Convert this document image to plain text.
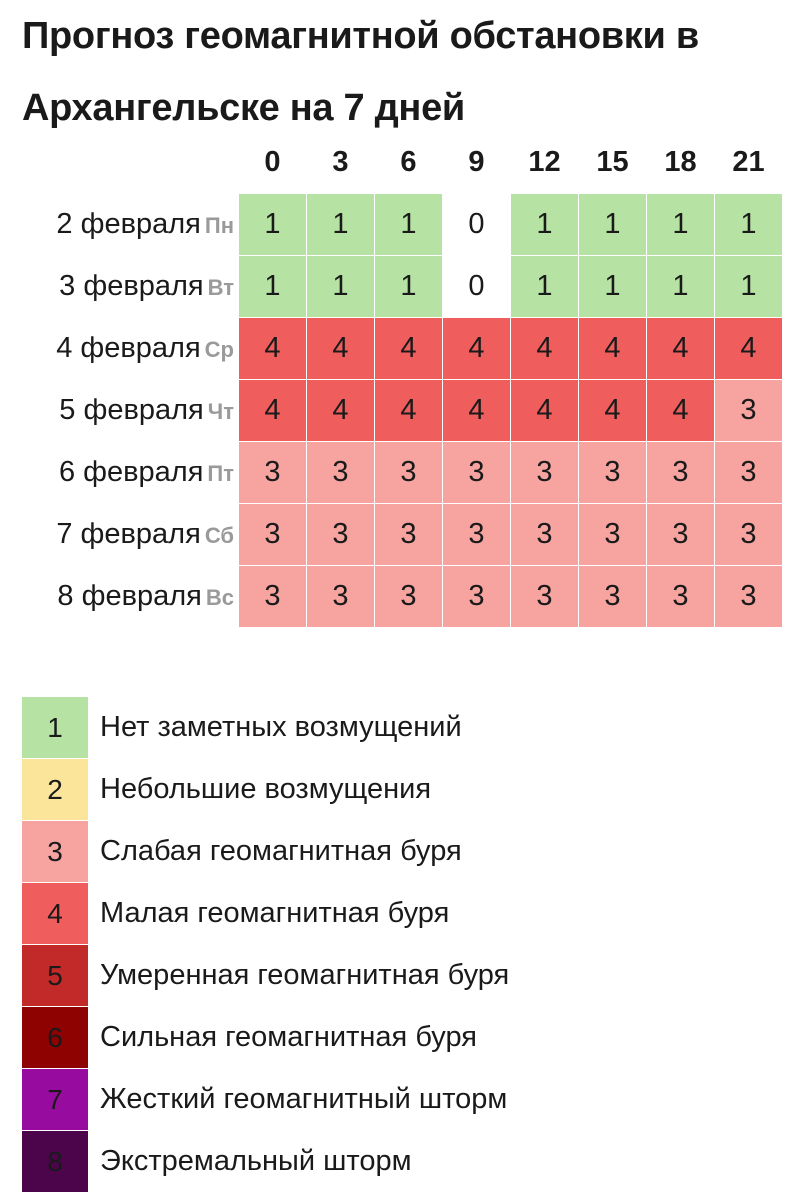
Прогноз геомагнитной обстановки в Архангельске на 7 дней
	0	3	6	9	12	15	18	21
2 февраля Пн	1	1	1	0	1	1	1	1
3 февраля Вт	1	1	1	0	1	1	1	1
4 февраля Ср	4	4	4	4	4	4	4	4
5 февраля Чт	4	4	4	4	4	4	4	3
6 февраля Пт	3	3	3	3	3	3	3	3
7 февраля Сб	3	3	3	3	3	3	3	3
8 февраля Вс	3	3	3	3	3	3	3	3
1	Нет заметных возмущений
2	Небольшие возмущения
3	Слабая геомагнитная буря
4	Малая геомагнитная буря
5	Умеренная геомагнитная буря
6	Сильная геомагнитная буря
7	Жесткий геомагнитный шторм
8	Экстремальный шторм
